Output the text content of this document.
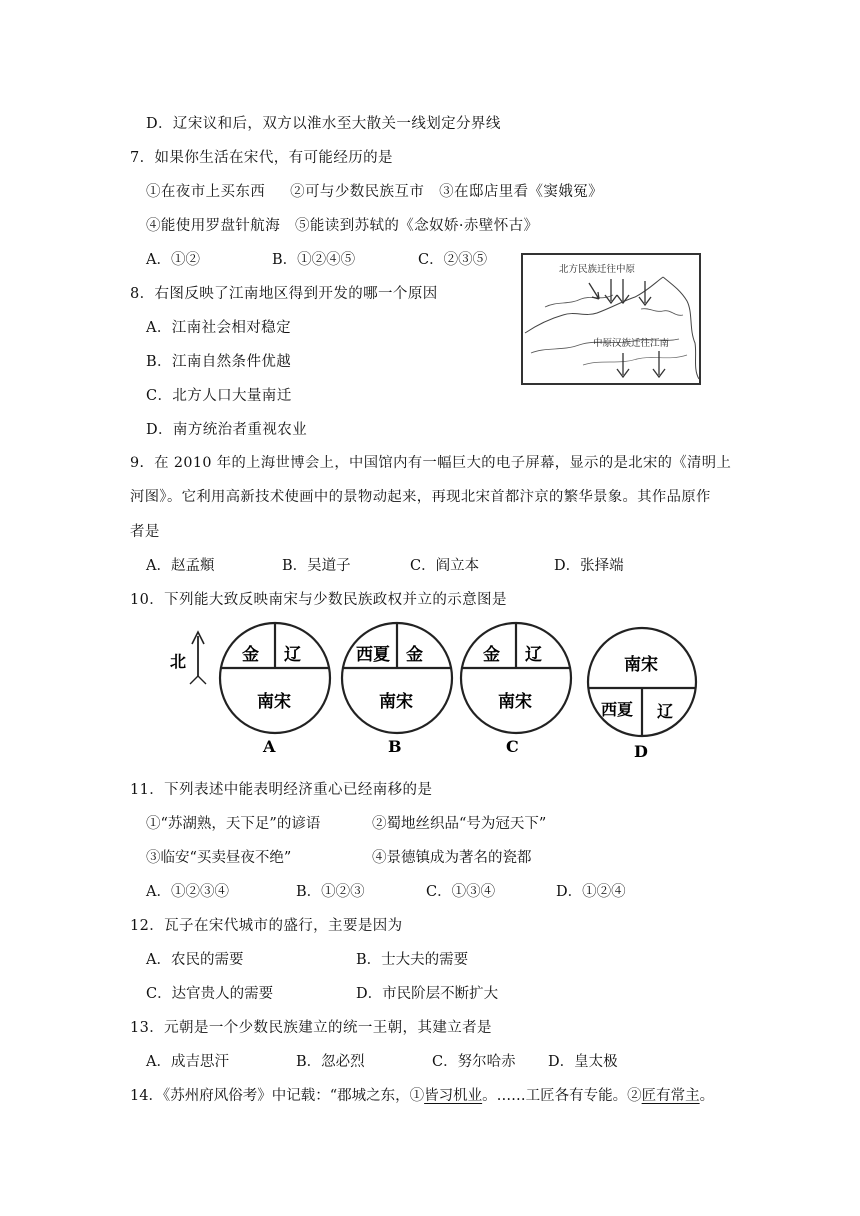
D．辽宋议和后，双方以淮水至大散关一线划定分界线
7．如果你生活在宋代，有可能经历的是
①在夜市上买东西 　 ②可与少数民族互市　③在邸店里看《窦娥冤》
④能使用罗盘针航海　⑤能读到苏轼的《念奴娇·赤壁怀古》
A．①②	B．①②④⑤	C．②③⑤
北方民族迁往中原
中原汉族迁往江南
8．右图反映了江南地区得到开发的哪一个原因
A．江南社会相对稳定
B．江南自然条件优越
C．北方人口大量南迁
D．南方统治者重视农业
9．在 2010 年的上海世博会上，中国馆内有一幅巨大的电子屏幕，显示的是北宋的《清明上
河图》。它利用高新技术使画中的景物动起来，再现北宋首都汴京的繁华景象。其作品原作
者是
A．赵孟頫	B．吴道子	C．阎立本	D．张择端
10．下列能大致反映南宋与少数民族政权并立的示意图是
北	金 辽
南宋
A
西夏 金
南宋
B
金 辽
南宋
C
南宋
西夏 辽
D
11．下列表述中能表明经济重心已经南移的是
①“苏湖熟，天下足”的谚语	②蜀地丝织品“号为冠天下”
③临安“买卖昼夜不绝”	④景德镇成为著名的瓷都
A．①②③④	B．①②③	C．①③④	D．①②④
12．瓦子在宋代城市的盛行，主要是因为
A．农民的需要	B．士大夫的需要
C．达官贵人的需要	D．市民阶层不断扩大
13．元朝是一个少数民族建立的统一王朝，其建立者是
A．成吉思汗	B．忽必烈	C．努尔哈赤 D．皇太极
14．《苏州府风俗考》中记载：“郡城之东，①皆习机业。……工匠各有专能。②匠有常主。
